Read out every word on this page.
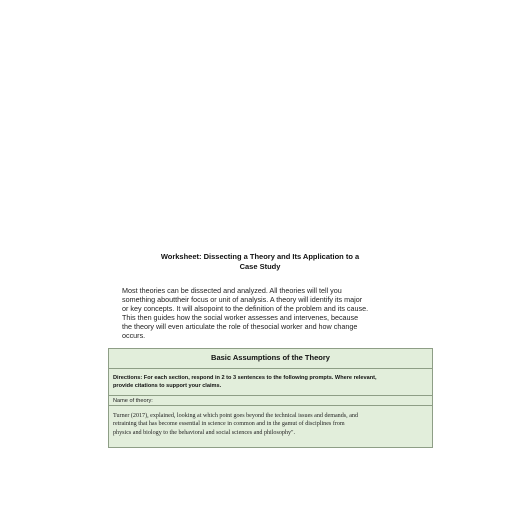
Worksheet: Dissecting a Theory and Its Application to a
Case Study
Most theories can be dissected and analyzed. All theories will tell you
something abouttheir focus or unit of analysis. A theory will identify its major
or key concepts. It will alsopoint to the definition of the problem and its cause.
This then guides how the social worker assesses and intervenes, because
the theory will even articulate the role of thesocial worker and how change
occurs.
Basic Assumptions of the Theory
Directions: For each section, respond in 2 to 3 sentences to the following prompts. Where relevant,
provide citations to support your claims.
Name of theory:
Turner (2017), explained, looking at which point goes beyond the technical issues and demands, and
retraining that has become essential in science in common and in the gamut of disciplines from
physics and biology to the behavioral and social sciences and philosophy".
